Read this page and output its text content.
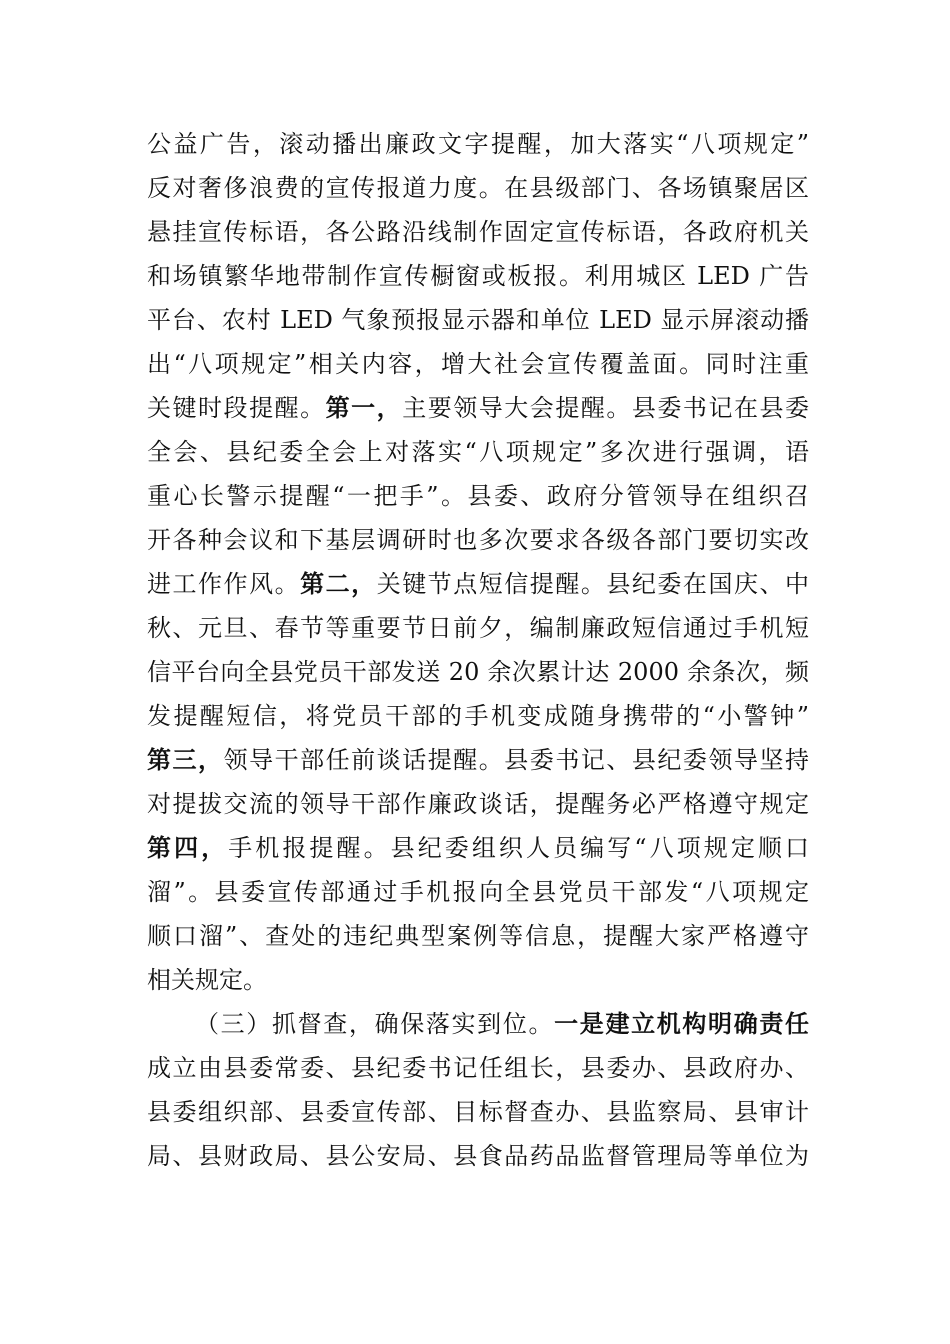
公益广告，滚动播出廉政文字提醒，加大落实“八项规定”
反对奢侈浪费的宣传报道力度。在县级部门、各场镇聚居区
悬挂宣传标语，各公路沿线制作固定宣传标语，各政府机关
和场镇繁华地带制作宣传橱窗或板报。利用城区 LED 广告
平台、农村 LED 气象预报显示器和单位 LED 显示屏滚动播
出“八项规定”相关内容，增大社会宣传覆盖面。同时注重
关键时段提醒。第一，主要领导大会提醒。县委书记在县委
全会、县纪委全会上对落实“八项规定”多次进行强调，语
重心长警示提醒“一把手”。县委、政府分管领导在组织召
开各种会议和下基层调研时也多次要求各级各部门要切实改
进工作作风。第二，关键节点短信提醒。县纪委在国庆、中
秋、元旦、春节等重要节日前夕，编制廉政短信通过手机短
信平台向全县党员干部发送 20 余次累计达 2000 余条次，频
发提醒短信，将党员干部的手机变成随身携带的“小警钟”
第三，领导干部任前谈话提醒。县委书记、县纪委领导坚持
对提拔交流的领导干部作廉政谈话，提醒务必严格遵守规定
第四，手机报提醒。县纪委组织人员编写“八项规定顺口
溜”。县委宣传部通过手机报向全县党员干部发“八项规定
顺口溜”、查处的违纪典型案例等信息，提醒大家严格遵守
相关规定。
（三）抓督查，确保落实到位。一是建立机构明确责任
成立由县委常委、县纪委书记任组长，县委办、县政府办、
县委组织部、县委宣传部、目标督查办、县监察局、县审计
局、县财政局、县公安局、县食品药品监督管理局等单位为
